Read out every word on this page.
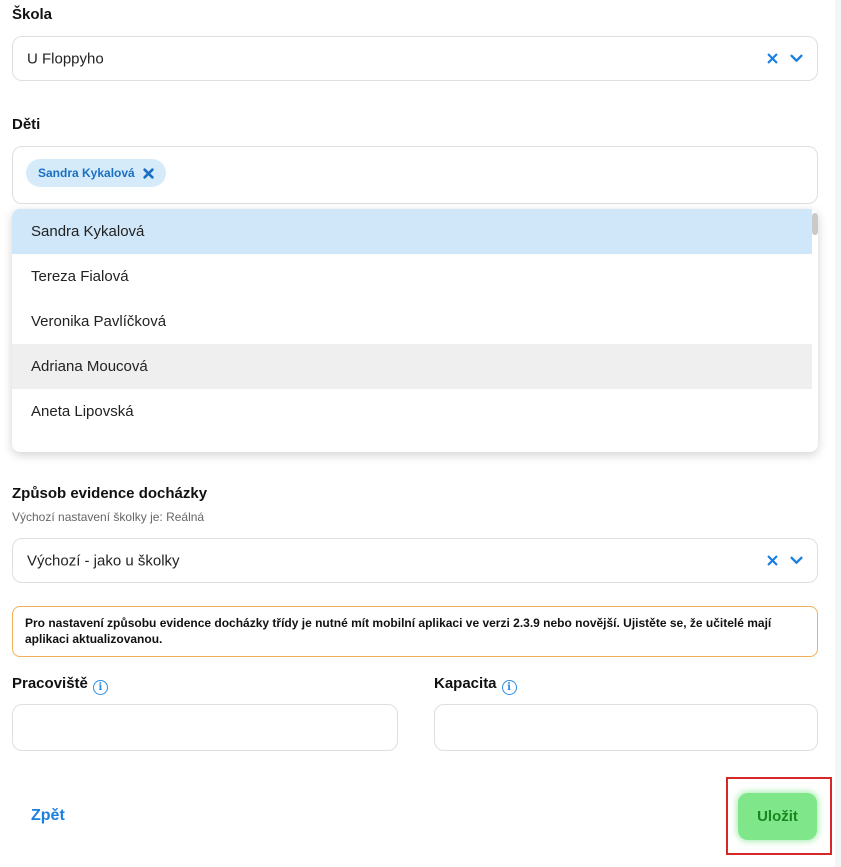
Škola
U Floppyho
Děti
Sandra Kykalová
Sandra Kykalová
Tereza Fialová
Veronika Pavlíčková
Adriana Moucová
Aneta Lipovská
Způsob evidence docházky
Výchozí nastavení školky je: Reálná
Výchozí - jako u školky
Pro nastavení způsobu evidence docházky třídy je nutné mít mobilní aplikaci ve verzi 2.3.9 nebo novější. Ujistěte se, že učitelé mají aplikaci aktualizovanou.
Pracoviště i	Kapacita i
Zpět	Uložit
